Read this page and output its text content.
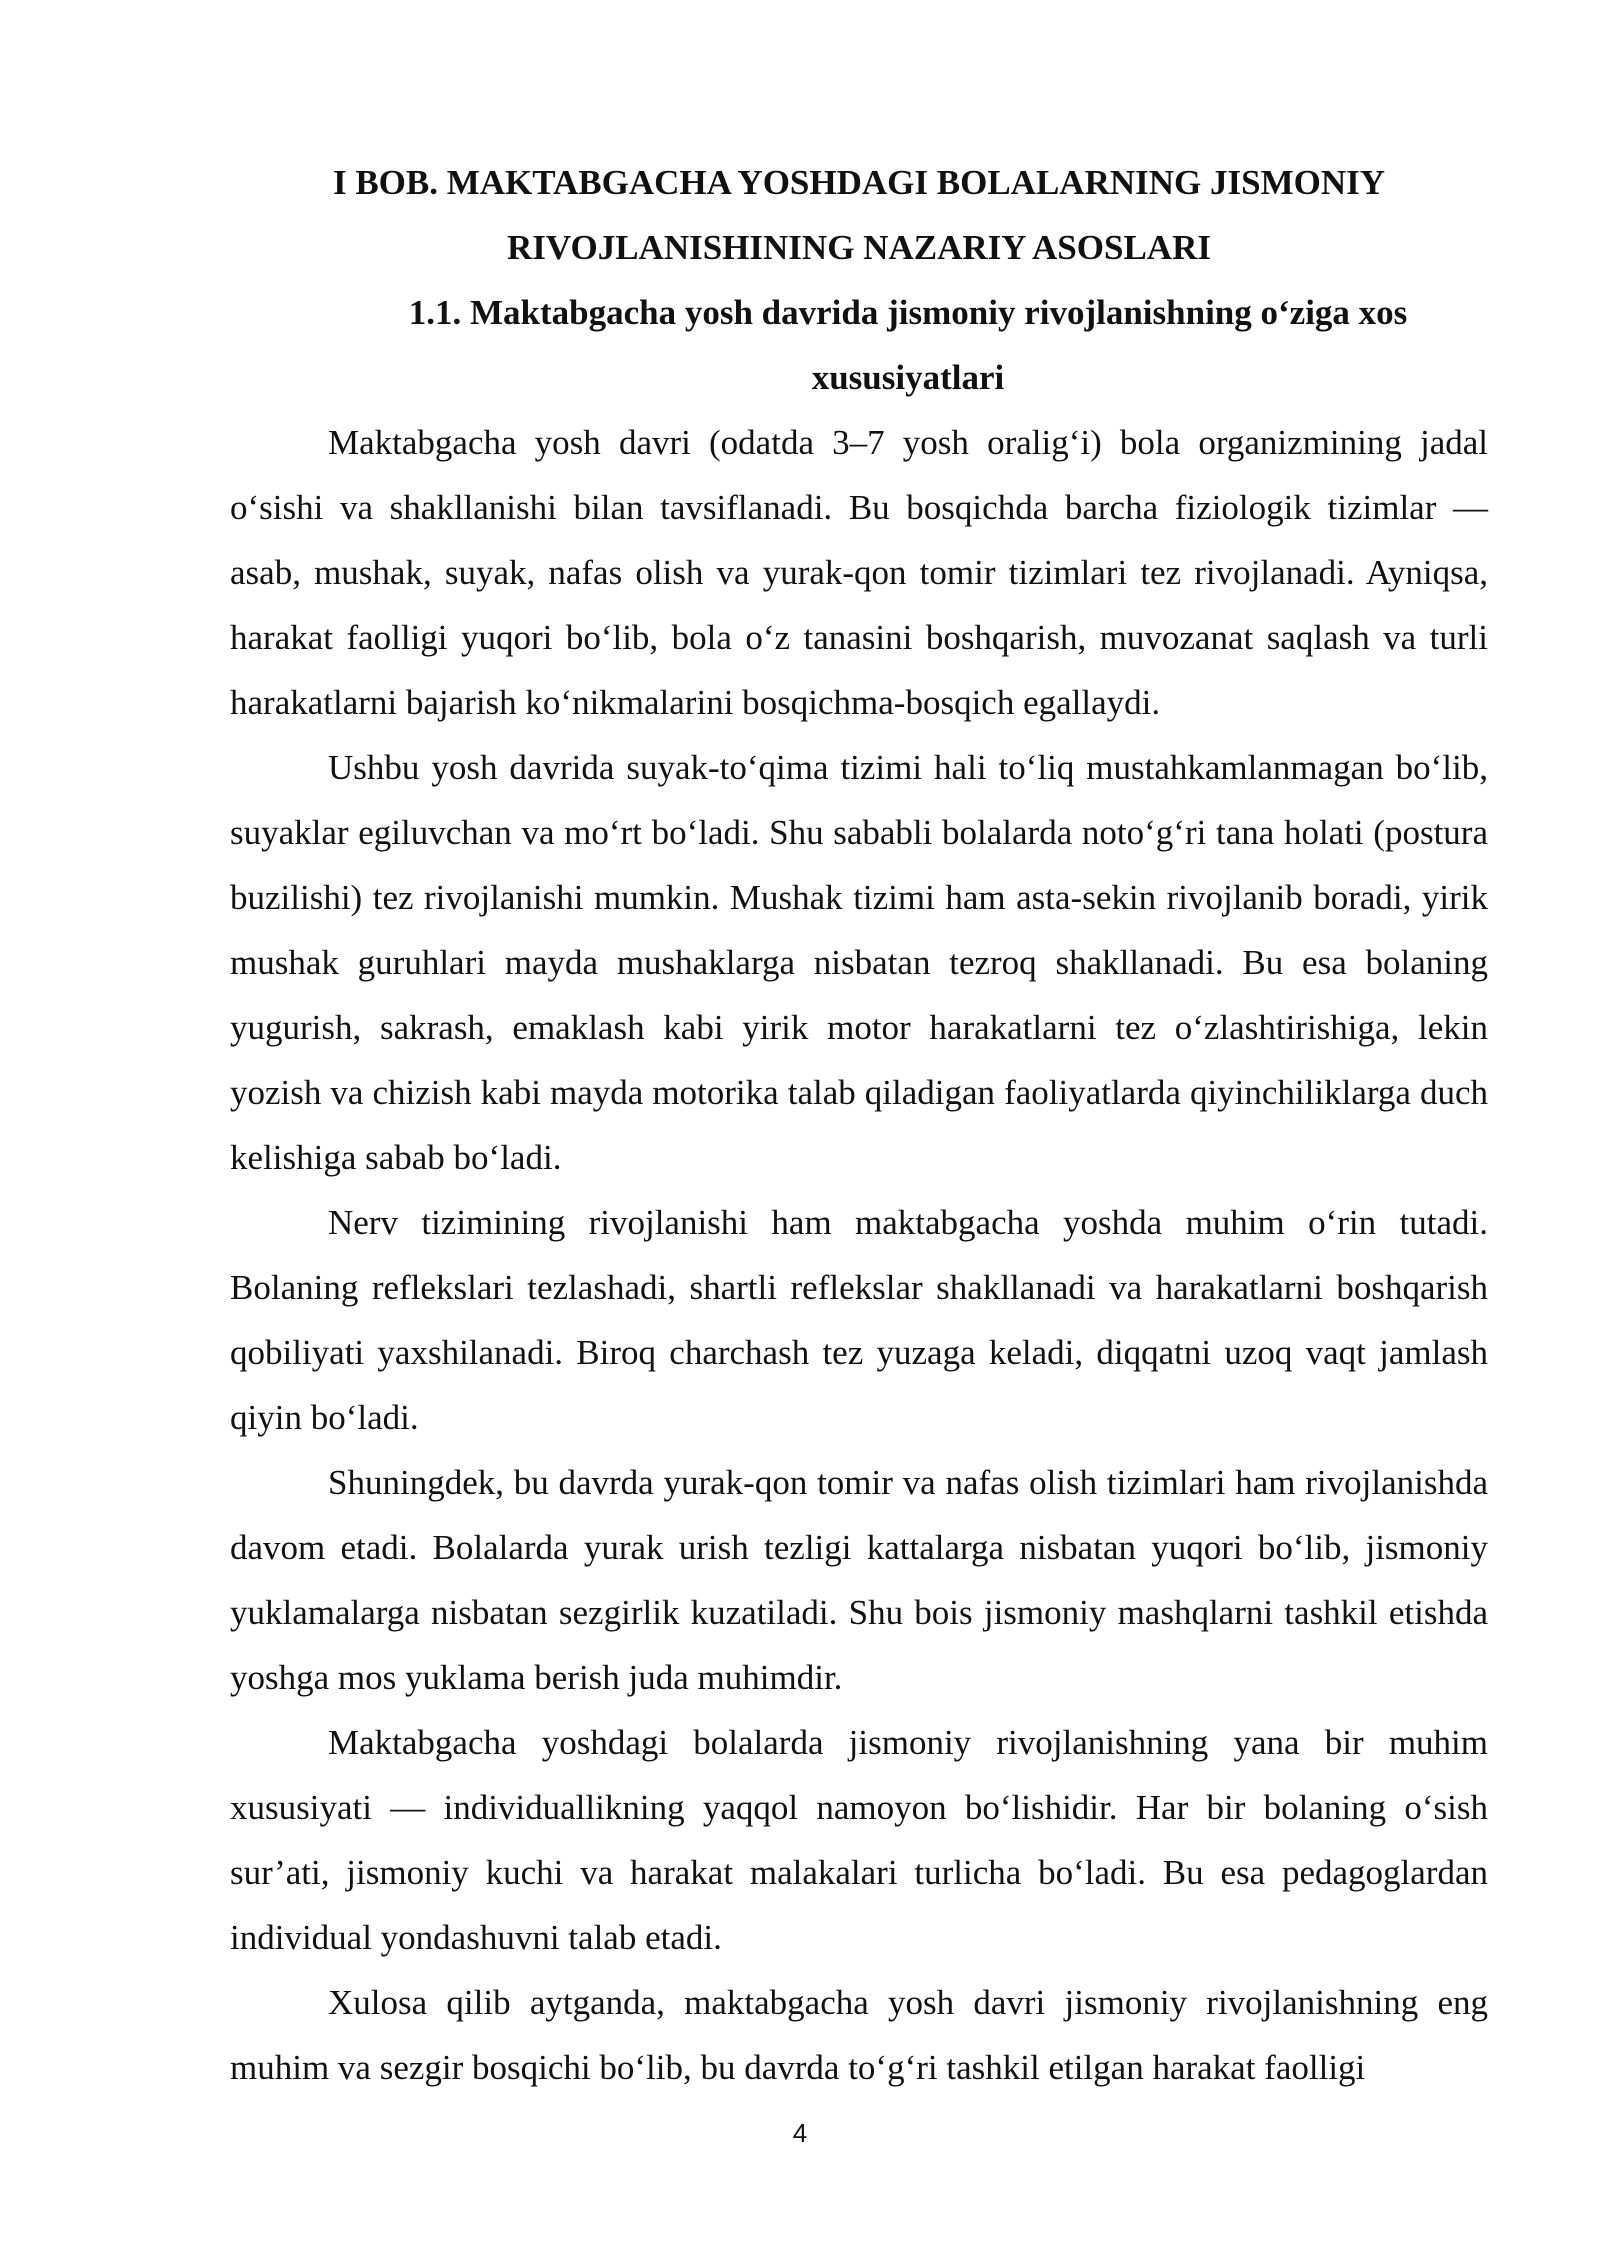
I BOB. MAKTABGACHA YOSHDAGI BOLALARNING JISMONIY
RIVOJLANISHINING NAZARIY ASOSLARI
1.1. Maktabgacha yosh davrida jismoniy rivojlanishning o‘ziga xos
xususiyatlari

Maktabgacha yosh davri (odatda 3–7 yosh oralig‘i) bola organizmining jadal o‘sishi va shakllanishi bilan tavsiflanadi. Bu bosqichda barcha fiziologik tizimlar — asab, mushak, suyak, nafas olish va yurak-qon tomir tizimlari tez rivojlanadi. Ayniqsa, harakat faolligi yuqori bo‘lib, bola o‘z tanasini boshqarish, muvozanat saqlash va turli harakatlarni bajarish ko‘nikmalarini bosqichma-bosqich egallaydi.

Ushbu yosh davrida suyak-to‘qima tizimi hali to‘liq mustahkamlanmagan bo‘lib, suyaklar egiluvchan va mo‘rt bo‘ladi. Shu sababli bolalarda noto‘g‘ri tana holati (postura buzilishi) tez rivojlanishi mumkin. Mushak tizimi ham asta-sekin rivojlanib boradi, yirik mushak guruhlari mayda mushaklarga nisbatan tezroq shakllanadi. Bu esa bolaning yugurish, sakrash, emaklash kabi yirik motor harakatlarni tez o‘zlashtirishiga, lekin yozish va chizish kabi mayda motorika talab qiladigan faoliyatlarda qiyinchiliklarga duch kelishiga sabab bo‘ladi.

Nerv tizimining rivojlanishi ham maktabgacha yoshda muhim o‘rin tutadi. Bolaning reflekslari tezlashadi, shartli reflekslar shakllanadi va harakatlarni boshqarish qobiliyati yaxshilanadi. Biroq charchash tez yuzaga keladi, diqqatni uzoq vaqt jamlash qiyin bo‘ladi.

Shuningdek, bu davrda yurak-qon tomir va nafas olish tizimlari ham rivojlanishda davom etadi. Bolalarda yurak urish tezligi kattalarga nisbatan yuqori bo‘lib, jismoniy yuklamalarga nisbatan sezgirlik kuzatiladi. Shu bois jismoniy mashqlarni tashkil etishda yoshga mos yuklama berish juda muhimdir.

Maktabgacha yoshdagi bolalarda jismoniy rivojlanishning yana bir muhim xususiyati — individuallikning yaqqol namoyon bo‘lishidir. Har bir bolaning o‘sish sur’ati, jismoniy kuchi va harakat malakalari turlicha bo‘ladi. Bu esa pedagoglardan individual yondashuvni talab etadi.

Xulosa qilib aytganda, maktabgacha yosh davri jismoniy rivojlanishning eng muhim va sezgir bosqichi bo‘lib, bu davrda to‘g‘ri tashkil etilgan harakat faolligi

4
